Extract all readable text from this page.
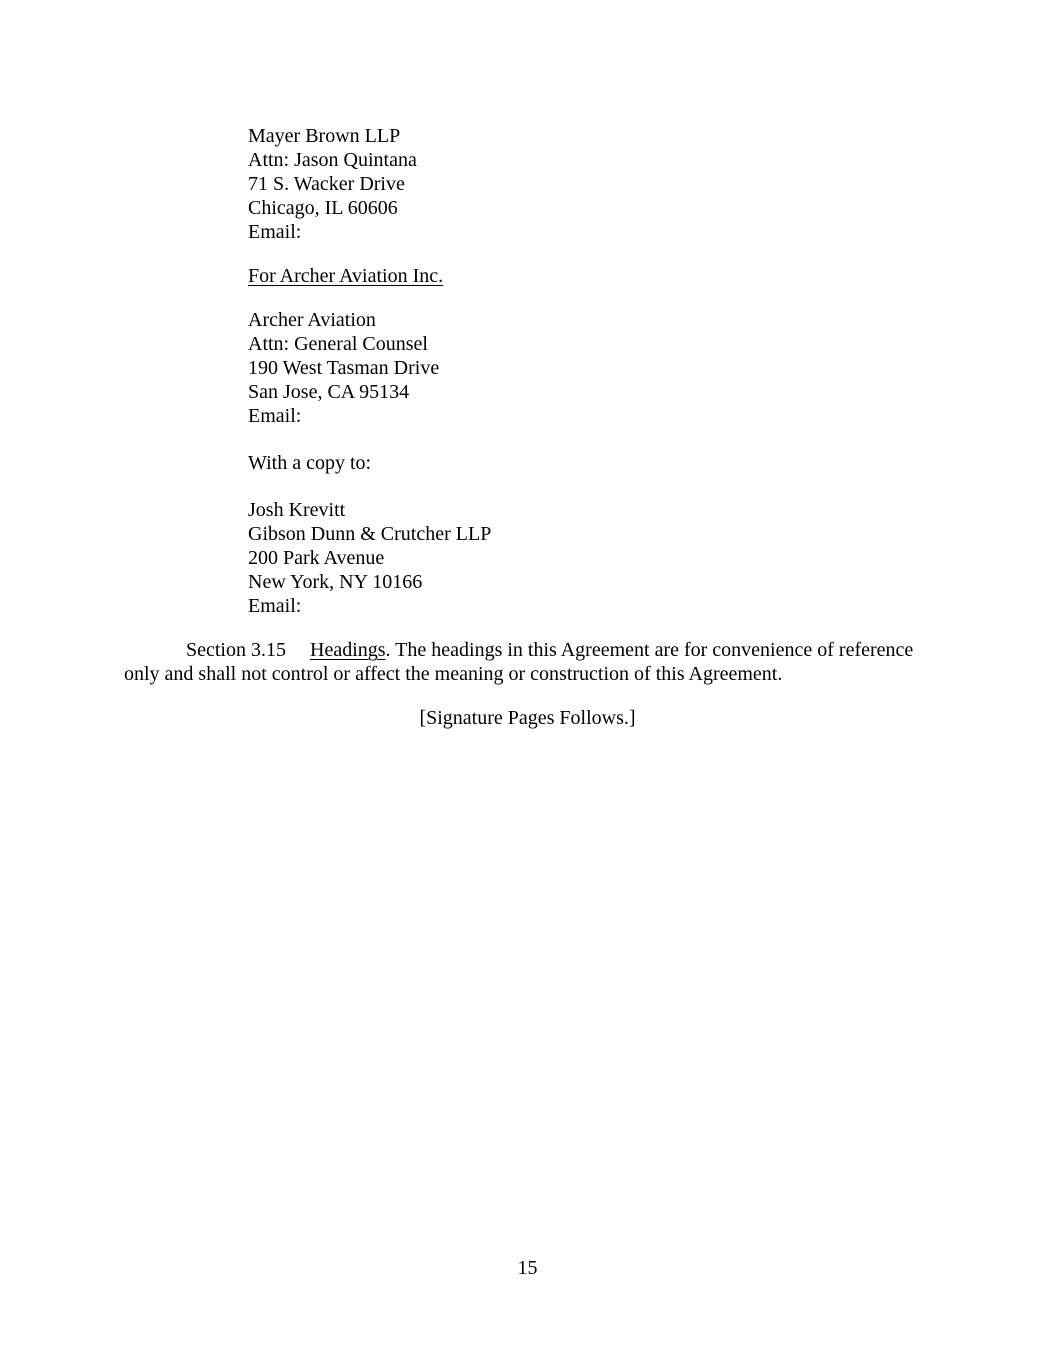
Mayer Brown LLP
Attn: Jason Quintana
71 S. Wacker Drive
Chicago, IL 60606
Email:
For Archer Aviation Inc.
Archer Aviation
Attn: General Counsel
190 West Tasman Drive
San Jose, CA 95134
Email:
With a copy to:
Josh Krevitt
Gibson Dunn & Crutcher LLP
200 Park Avenue
New York, NY 10166
Email:
Section 3.15 Headings. The headings in this Agreement are for convenience of reference
only and shall not control or affect the meaning or construction of this Agreement.
[Signature Pages Follows.]
15
